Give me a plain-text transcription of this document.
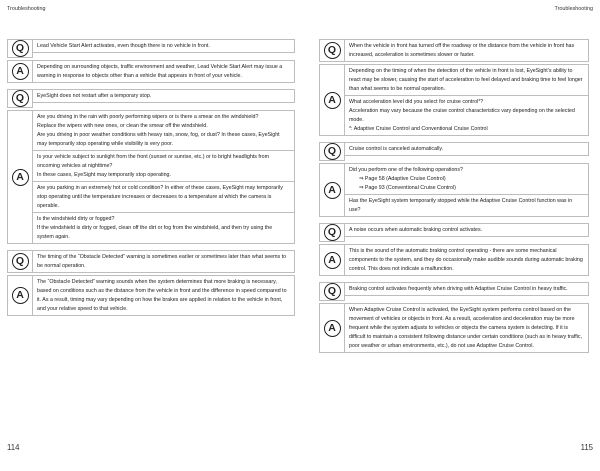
Troubleshooting	Troubleshooting
Q	Lead Vehicle Start Alert activates, even though there is no vehicle in front.
A	Depending on surrounding objects, traffic environment and weather, Lead Vehicle Start Alert may issue a warning in response to objects other than a vehicle that appears in front of your vehicle.
Q	EyeSight does not restart after a temporary stop.
A
Are you driving in the rain with poorly performing wipers or is there a smear on the windshield?
Replace the wipers with new ones, or clean the smear off the windshield.
Are you driving in poor weather conditions with heavy rain, snow, fog, or dust? In these cases, EyeSight may temporarily stop operating while visibility is very poor.
Is your vehicle subject to sunlight from the front (sunset or sunrise, etc.) or to bright headlights from oncoming vehicles at nighttime?
In these cases, EyeSight may temporarily stop operating.
Are you parking in an extremely hot or cold condition? In either of these cases, EyeSight may temporarily stop operating until the temperature increases or decreases to a temperature at which the camera is operable.
Is the windshield dirty or fogged?
If the windshield is dirty or fogged, clean off the dirt or fog from the windshield, and then try using the system again.
Q	The timing of the “Obstacle Detected” warning is sometimes earlier or sometimes later than what seems to be normal operation.
A
The “Obstacle Detected” warning sounds when the system determines that more braking is necessary, based on conditions such as the distance from the vehicle in front and the difference in speed compared to it. As a result, timing may vary depending on how the brakes are applied in relation to the vehicle in front, and your relative speed to that vehicle.
Q	When the vehicle in front has turned off the roadway or the distance from the vehicle in front has increased, acceleration is sometimes slower or faster.
A
Depending on the timing of when the detection of the vehicle in front is lost, EyeSight’s ability to react may be slower, causing the start of acceleration to feel delayed and braking time to feel longer than what seems to be normal operation.
What acceleration level did you select for cruise control*?
Acceleration may vary because the cruise control characteristics vary depending on the selected mode.
*: Adaptive Cruise Control and Conventional Cruise Control
Q	Cruise control is canceled automatically.
A
Did you perform one of the following operations?
⇒ Page 58 (Adaptive Cruise Control)
⇒ Page 93 (Conventional Cruise Control)
Has the EyeSight system temporarily stopped while the Adaptive Cruise Control function was in use?
Q	A noise occurs when automatic braking control activates.
A
This is the sound of the automatic braking control operating - there are some mechanical components to the system, and they do occasionally make audible sounds during automatic braking control. This does not indicate a malfunction.
Q	Braking control activates frequently when driving with Adaptive Cruise Control in heavy traffic.
A
When Adaptive Cruise Control is activated, the EyeSight system performs control based on the movement of vehicles or objects in front. As a result, acceleration and deceleration may be more frequent while the system adjusts to vehicles or objects the camera system is detecting. If it is difficult to maintain a consistent following distance under certain conditions (such as in heavy traffic, poor weather or urban environments, etc.), do not use Adaptive Cruise Control.
114	115
